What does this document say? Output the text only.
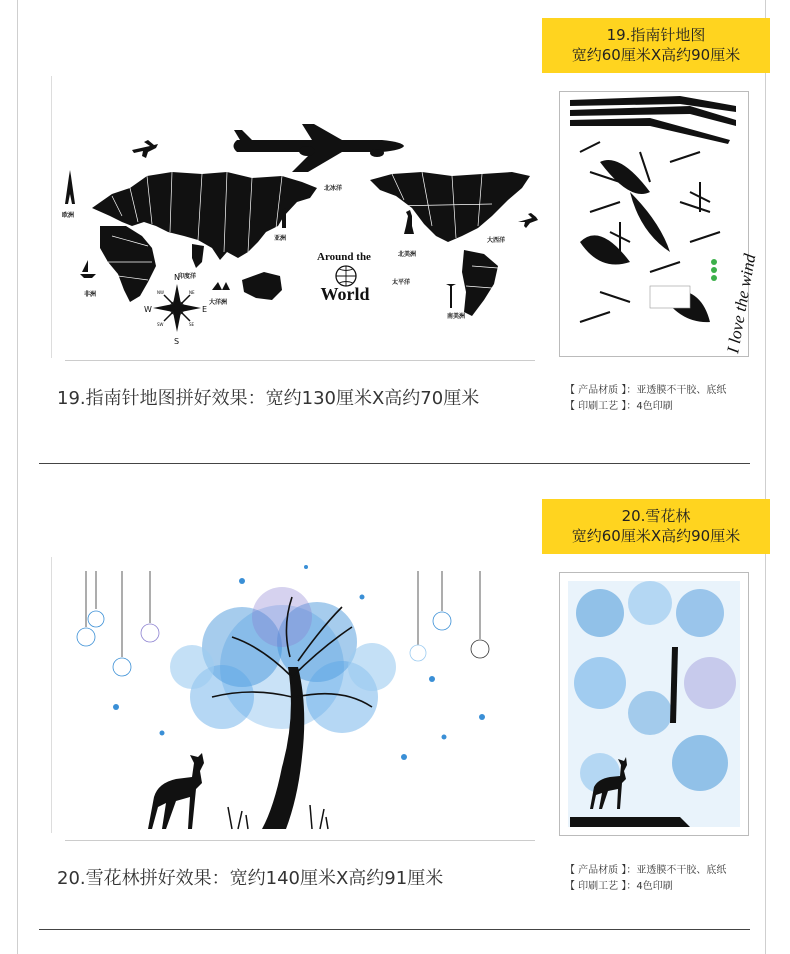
19.指南针地图
宽约60厘米X高约90厘米
Around the
World
北冰洋
亚洲
欧洲
非洲
印度洋
大洋洲
北美洲
大西洋
太平洋
南美洲
N
S
E
W
NW	NE
SW	SE	I love the wind
19.指南针地图拼好效果：宽约130厘米X高约70厘米	【 产品材质 】：亚透膜不干胶、底纸
【 印刷工艺 】：4色印刷
20.雪花林
宽约60厘米X高约90厘米
20.雪花林拼好效果：宽约140厘米X高约91厘米	【 产品材质 】：亚透膜不干胶、底纸
【 印刷工艺 】：4色印刷
